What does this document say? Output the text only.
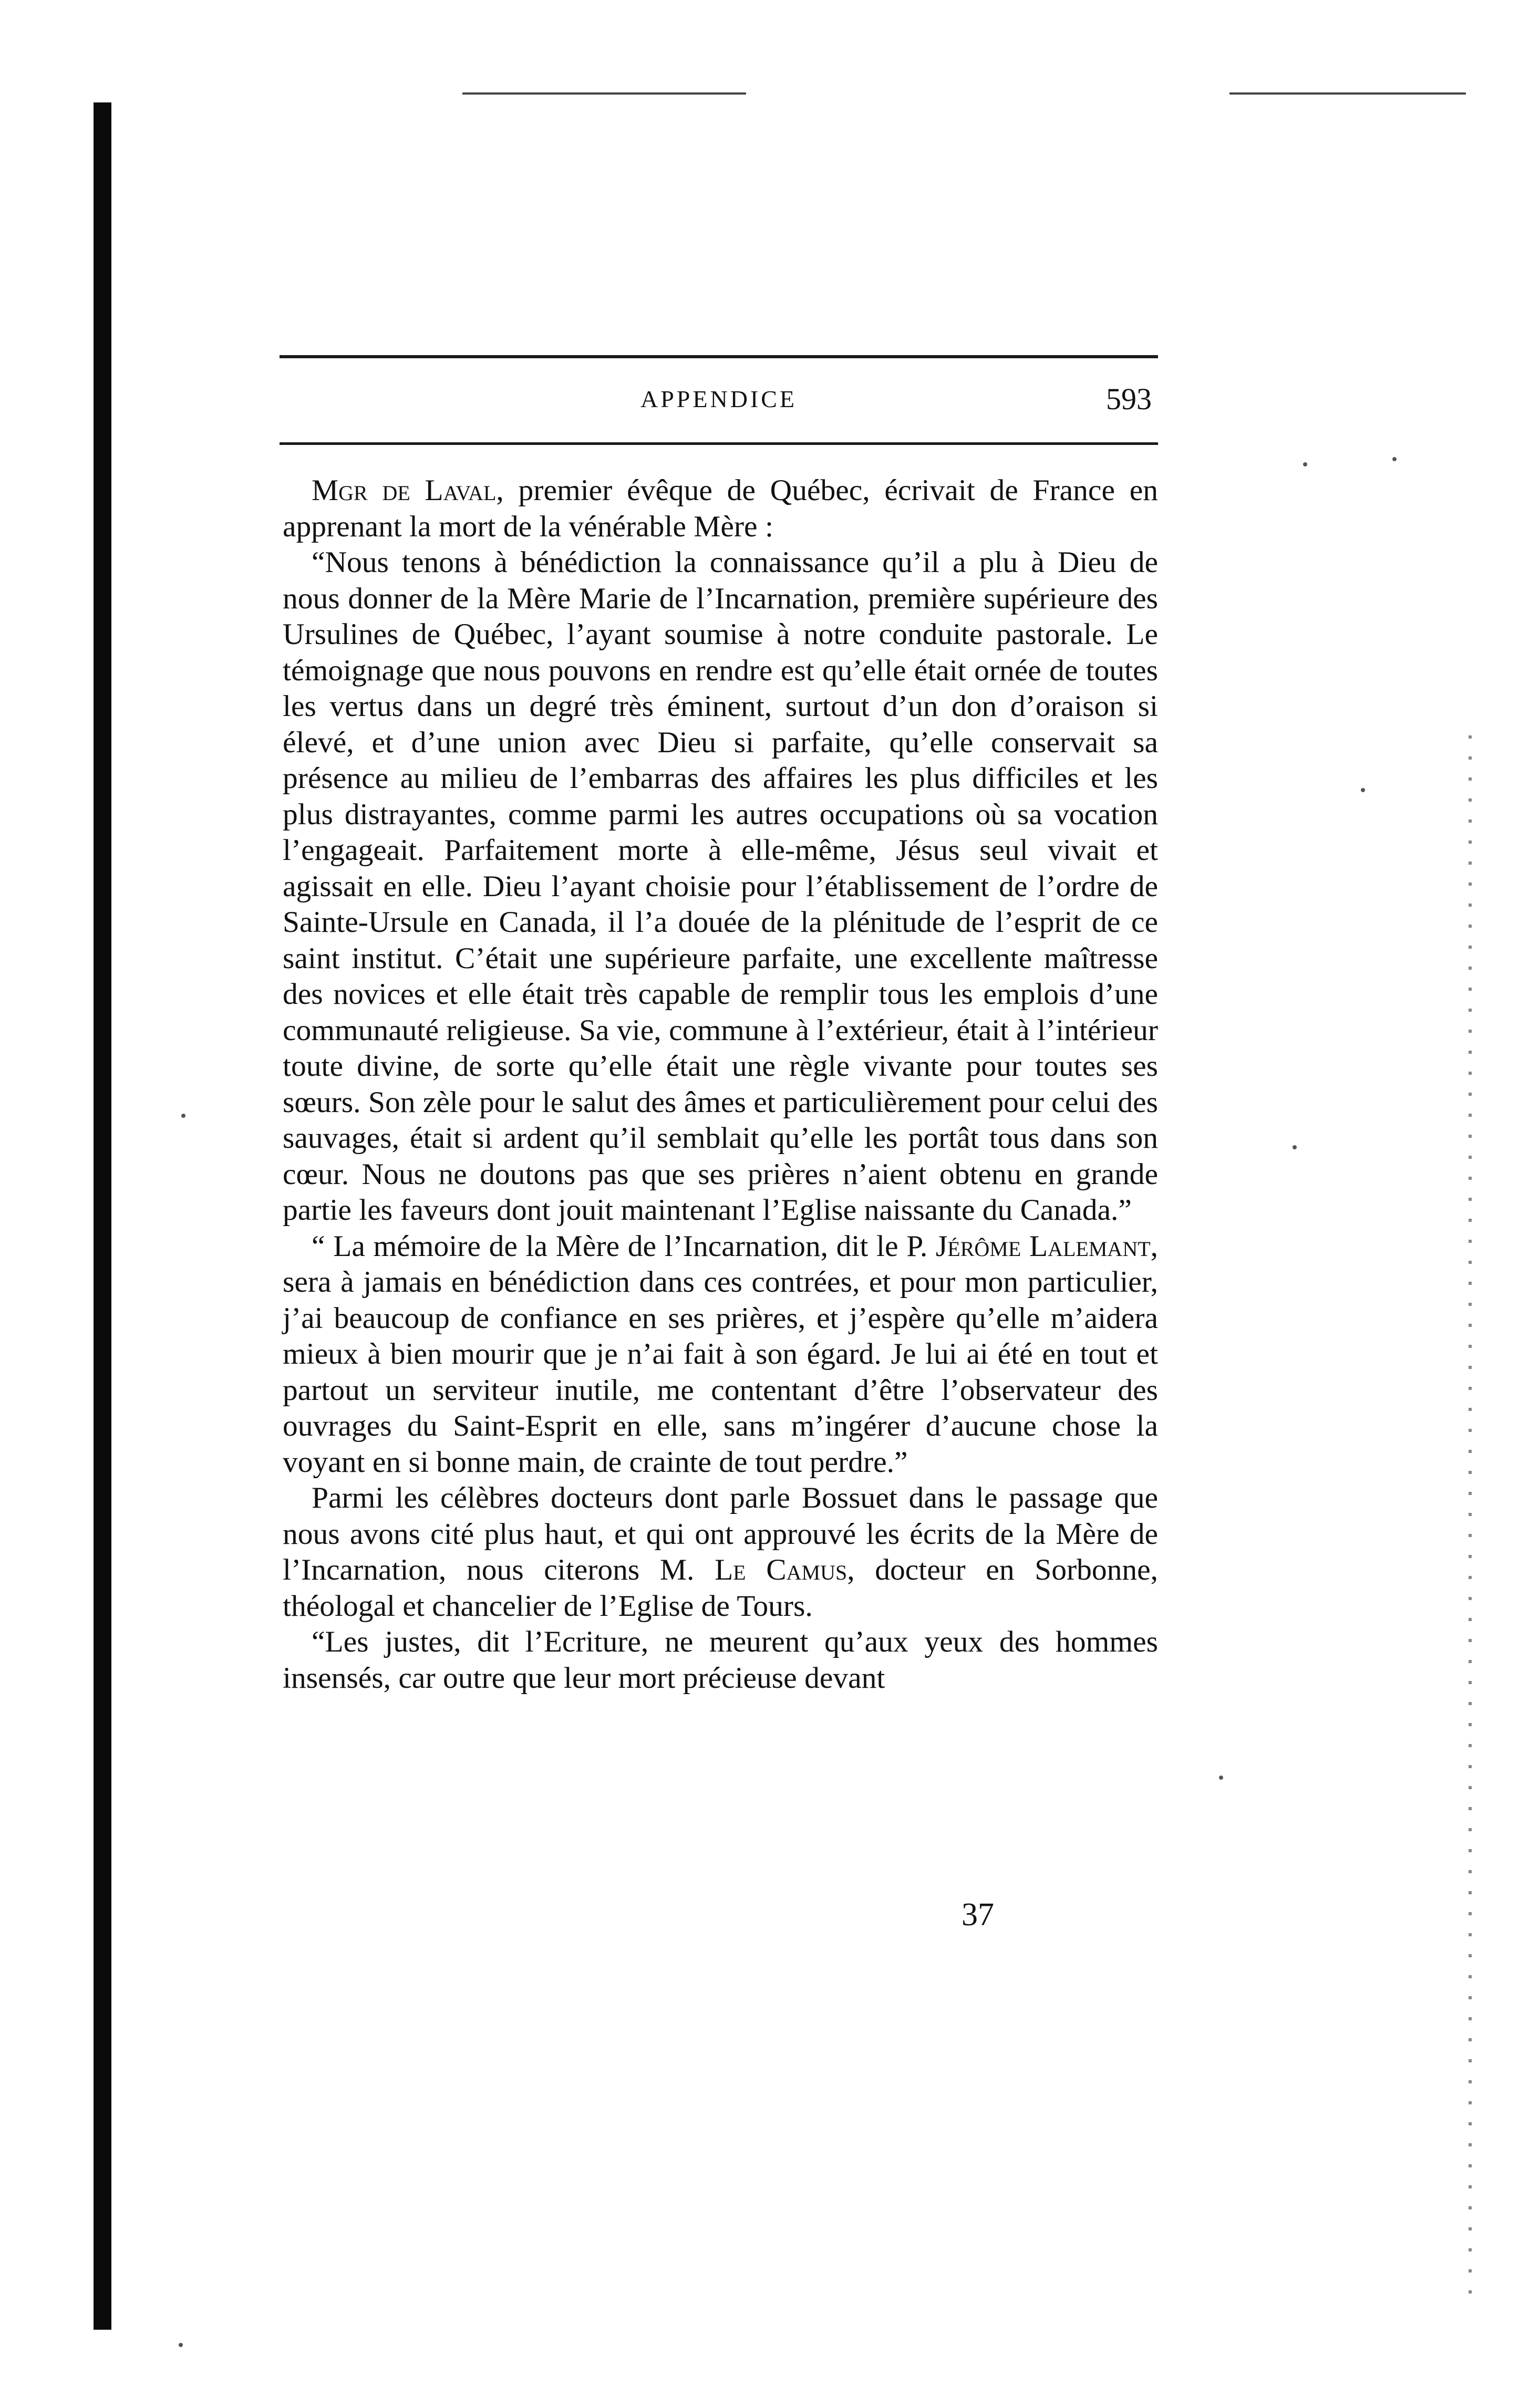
APPENDICE	593

Mgr de Laval, premier évêque de Québec, écrivait de France en apprenant la mort de la vénérable Mère :

“Nous tenons à bénédiction la connaissance qu’il a plu à Dieu de nous donner de la Mère Marie de l’Incarnation, première supérieure des Ursulines de Québec, l’ayant soumise à notre conduite pastorale. Le témoignage que nous pouvons en rendre est qu’elle était ornée de toutes les vertus dans un degré très éminent, surtout d’un don d’oraison si élevé, et d’une union avec Dieu si parfaite, qu’elle conservait sa présence au milieu de l’embarras des affaires les plus difficiles et les plus distrayantes, comme parmi les autres occupations où sa vocation l’engageait. Parfaitement morte à elle-même, Jésus seul vivait et agissait en elle. Dieu l’ayant choisie pour l’établissement de l’ordre de Sainte-Ursule en Canada, il l’a douée de la plénitude de l’esprit de ce saint institut. C’était une supérieure parfaite, une excellente maîtresse des novices et elle était très capable de remplir tous les emplois d’une communauté religieuse. Sa vie, commune à l’extérieur, était à l’intérieur toute divine, de sorte qu’elle était une règle vivante pour toutes ses sœurs. Son zèle pour le salut des âmes et particulièrement pour celui des sauvages, était si ardent qu’il semblait qu’elle les portât tous dans son cœur. Nous ne doutons pas que ses prières n’aient obtenu en grande partie les faveurs dont jouit maintenant l’Eglise naissante du Canada.”

“ La mémoire de la Mère de l’Incarnation, dit le P. Jérôme Lalemant, sera à jamais en bénédiction dans ces contrées, et pour mon particulier, j’ai beaucoup de confiance en ses prières, et j’espère qu’elle m’aidera mieux à bien mourir que je n’ai fait à son égard. Je lui ai été en tout et partout un serviteur inutile, me contentant d’être l’observateur des ouvrages du Saint-Esprit en elle, sans m’ingérer d’aucune chose la voyant en si bonne main, de crainte de tout perdre.”

Parmi les célèbres docteurs dont parle Bossuet dans le passage que nous avons cité plus haut, et qui ont approuvé les écrits de la Mère de l’Incarnation, nous citerons M. Le Camus, docteur en Sorbonne, théologal et chancelier de l’Eglise de Tours.

“Les justes, dit l’Ecriture, ne meurent qu’aux yeux des hommes insensés, car outre que leur mort précieuse devant

37
